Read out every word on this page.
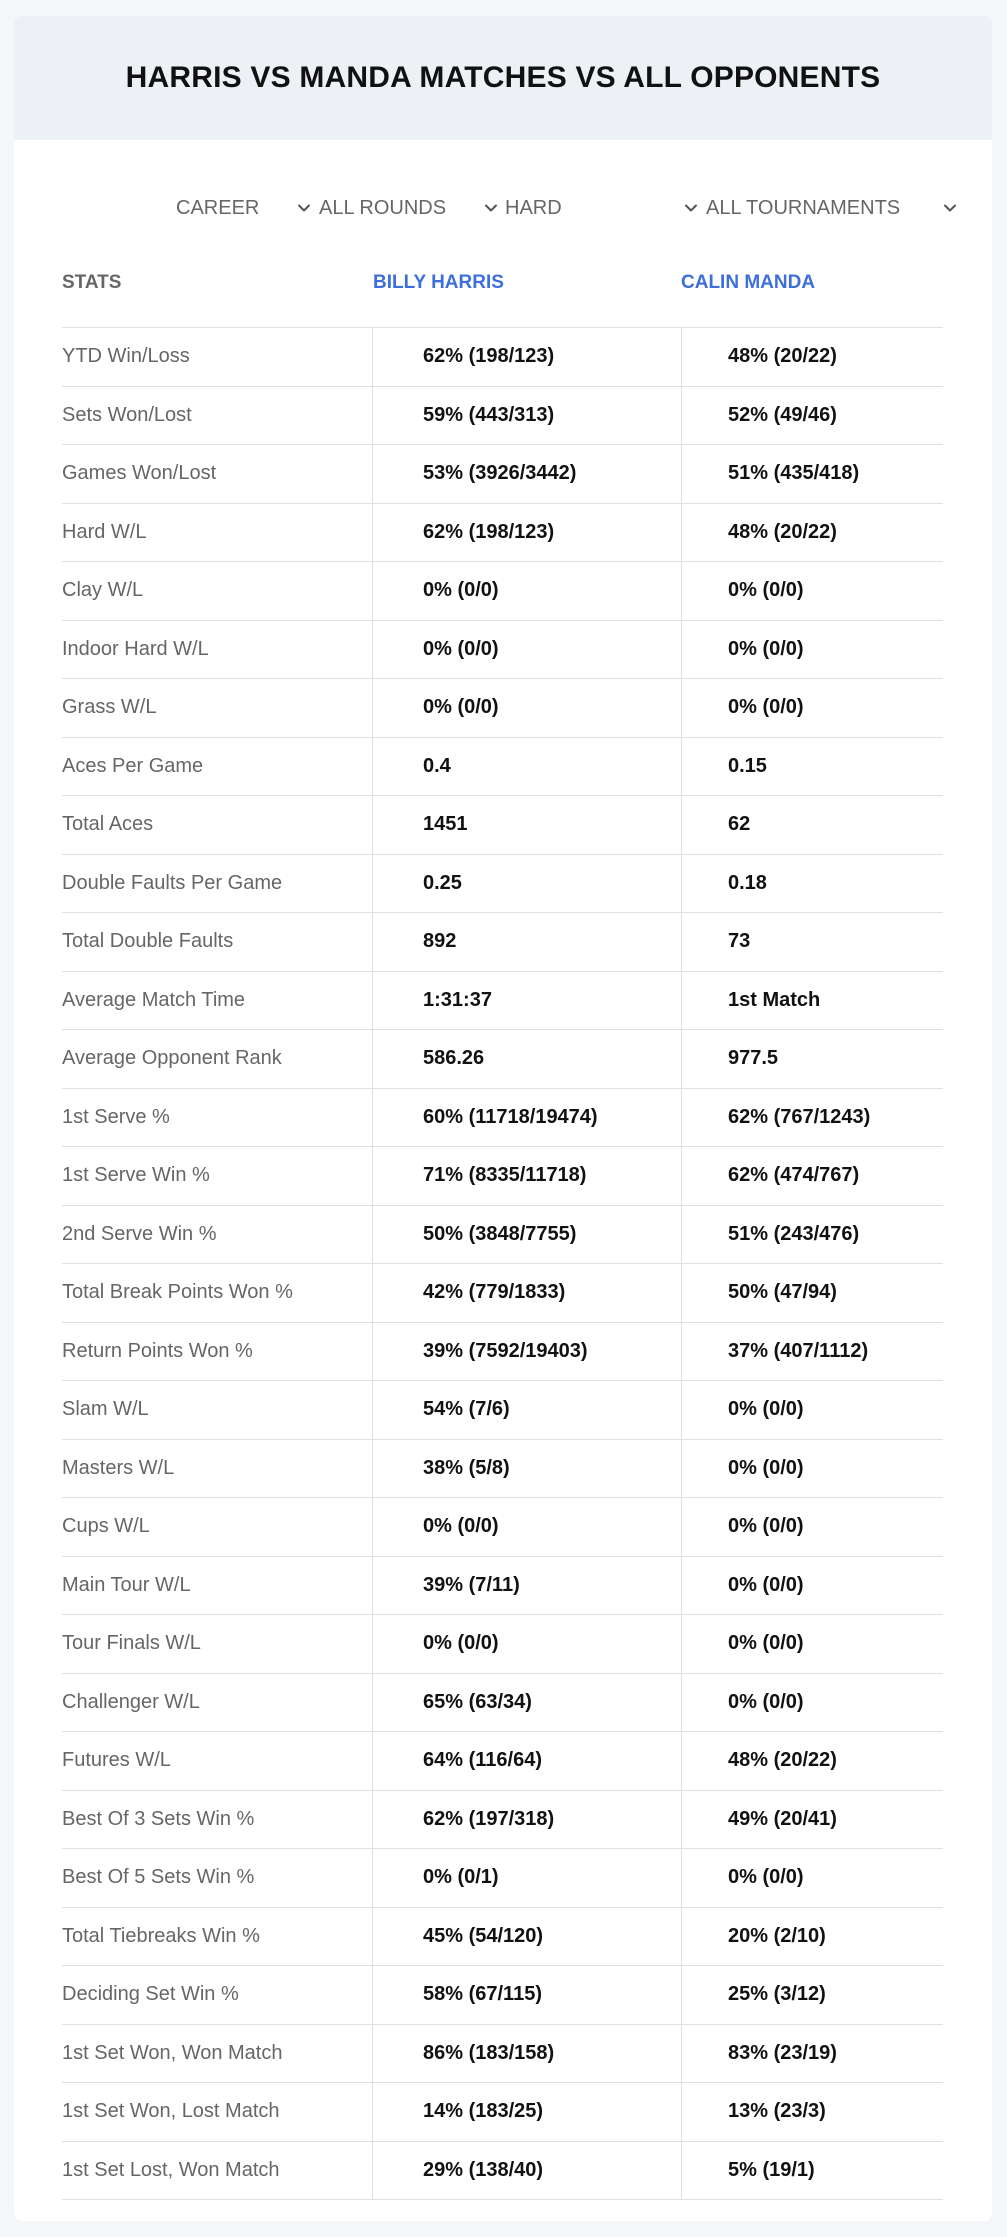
HARRIS VS MANDA MATCHES VS ALL OPPONENTS
CAREER	ALL ROUNDS	HARD	ALL TOURNAMENTS
STATS	BILLY HARRIS	CALIN MANDA
YTD Win/Loss	62% (198/123)	48% (20/22)
Sets Won/Lost	59% (443/313)	52% (49/46)
Games Won/Lost	53% (3926/3442)	51% (435/418)
Hard W/L	62% (198/123)	48% (20/22)
Clay W/L	0% (0/0)	0% (0/0)
Indoor Hard W/L	0% (0/0)	0% (0/0)
Grass W/L	0% (0/0)	0% (0/0)
Aces Per Game	0.4	0.15
Total Aces	1451	62
Double Faults Per Game	0.25	0.18
Total Double Faults	892	73
Average Match Time	1:31:37	1st Match
Average Opponent Rank	586.26	977.5
1st Serve %	60% (11718/19474)	62% (767/1243)
1st Serve Win %	71% (8335/11718)	62% (474/767)
2nd Serve Win %	50% (3848/7755)	51% (243/476)
Total Break Points Won %	42% (779/1833)	50% (47/94)
Return Points Won %	39% (7592/19403)	37% (407/1112)
Slam W/L	54% (7/6)	0% (0/0)
Masters W/L	38% (5/8)	0% (0/0)
Cups W/L	0% (0/0)	0% (0/0)
Main Tour W/L	39% (7/11)	0% (0/0)
Tour Finals W/L	0% (0/0)	0% (0/0)
Challenger W/L	65% (63/34)	0% (0/0)
Futures W/L	64% (116/64)	48% (20/22)
Best Of 3 Sets Win %	62% (197/318)	49% (20/41)
Best Of 5 Sets Win %	0% (0/1)	0% (0/0)
Total Tiebreaks Win %	45% (54/120)	20% (2/10)
Deciding Set Win %	58% (67/115)	25% (3/12)
1st Set Won, Won Match	86% (183/158)	83% (23/19)
1st Set Won, Lost Match	14% (183/25)	13% (23/3)
1st Set Lost, Won Match	29% (138/40)	5% (19/1)
